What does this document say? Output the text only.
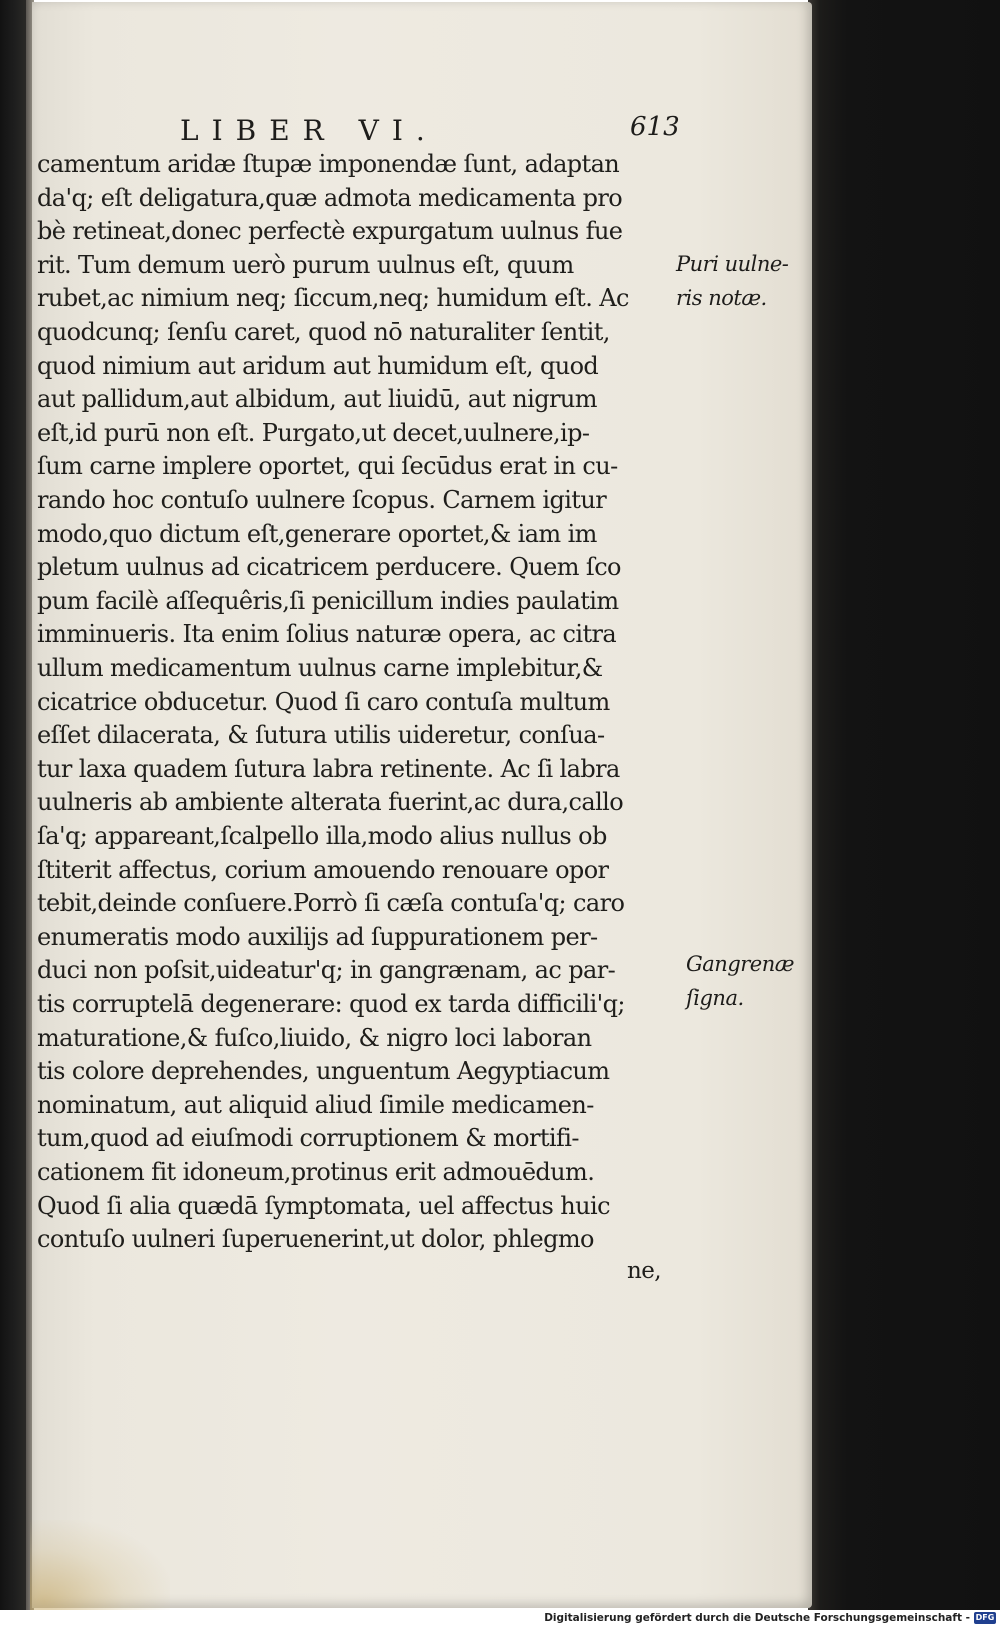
LIBER VI.	613
camentum aridæ ſtupæ imponendæ ſunt, adaptan
da'q; eſt deligatura,quæ admota medicamenta pro
bè retineat,donec perfectè expurgatum uulnus fue
rit. Tum demum uerò purum uulnus eſt, quum
rubet,ac nimium neq; ſiccum,neq; humidum eſt. Ac
quodcunq; ſenſu caret, quod nō naturaliter ſentit,
quod nimium aut aridum aut humidum eſt, quod
aut pallidum,aut albidum, aut liuidū, aut nigrum
eſt,id purū non eſt. Purgato,ut decet,uulnere,ip-
ſum carne implere oportet, qui ſecūdus erat in cu-
rando hoc contuſo uulnere ſcopus. Carnem igitur
modo,quo dictum eſt,generare oportet,& iam im
pletum uulnus ad cicatricem perducere. Quem ſco
pum facilè aſſequêris,ſi penicillum indies paulatim
imminueris. Ita enim ſolius naturæ opera, ac citra
ullum medicamentum uulnus carne implebitur,&
cicatrice obducetur. Quod ſi caro contuſa multum
eſſet dilacerata, & ſutura utilis uideretur, conſua-
tur laxa quadem ſutura labra retinente. Ac ſi labra
uulneris ab ambiente alterata fuerint,ac dura,callo
ſa'q; appareant,ſcalpello illa,modo alius nullus ob
ſtiterit affectus, corium amouendo renouare opor
tebit,deinde conſuere.Porrò ſi cæſa contuſa'q; caro
enumeratis modo auxilijs ad ſuppurationem per-
duci non poſsit,uideatur'q; in gangrænam, ac par-
tis corruptelā degenerare: quod ex tarda difficili'q;
maturatione,& fuſco,liuido, & nigro loci laboran
tis colore deprehendes, unguentum Aegyptiacum
nominatum, aut aliquid aliud ſimile medicamen-
tum,quod ad eiuſmodi corruptionem & mortifi-
cationem fit idoneum,protinus erit admouēdum.
Quod ſi alia quædā ſymptomata, uel affectus huic
contuſo uulneri ſuperuenerint,ut dolor, phlegmo
ne,
Puri uulne-
ris notæ.
Gangrenæ
ſigna.
Digitalisierung gefördert durch die Deutsche Forschungsgemeinschaft - DFG
